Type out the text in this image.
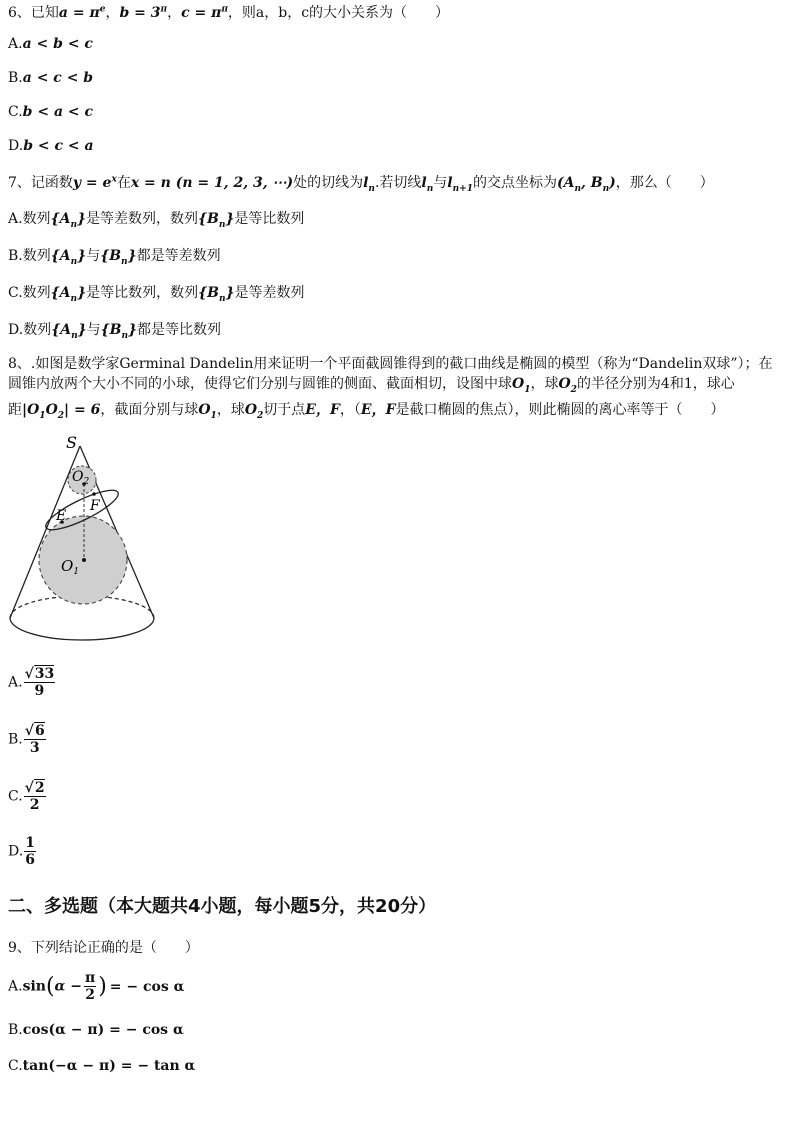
6、已知$a = \pi^e$，$b = 3^\pi$，$c = \pi^\pi$，则a，b，c的大小关系为（　　）
A.a < b < c
B.a < c < b
C.b < a < c
D.b < c < a
7、记函数$y = e^x$在x = n (n = 1, 2, 3, ⋯)处的切线为$l_n$.若切线$l_n$与$l_{n+1}$的交点坐标为($A_n$, $B_n$)，那么（　　）
A.数列$\{A_n\}$是等差数列，数列$\{B_n\}$是等比数列
B.数列$\{A_n\}$与$\{B_n\}$都是等差数列
C.数列$\{A_n\}$是等比数列，数列$\{B_n\}$是等差数列
D.数列$\{A_n\}$与$\{B_n\}$都是等比数列
8、.如图是数学家Germinal Dandelin用来证明一个平面截圆锥得到的截口曲线是椭圆的模型（称为“Dandelin双球”）；在圆锥内放两个大小不同的小球，使得它们分别与圆锥的侧面、截面相切，设图中球$O_1$，球$O_2$的半径分别为4和1，球心距$|O_1O_2| = 6$，截面分别与球$O_1$，球$O_2$切于点E，F，（E，F是截口椭圆的焦点），则此椭圆的离心率等于（　　）
S
$O_2$
F
E
$O_1$
A. $\frac{√33}{9}$
B. $\frac{√6}{3}$
C. $\frac{√2}{2}$
D. $\frac{1}{6}$
二、多选题（本大题共4小题，每小题5分，共20分）
9、下列结论正确的是（　　）
$A.\sin(\alpha - \frac{\pi}{2}$ ) = − cos α
B.cos(α − π) = − cos α
C.tan(−α − π) = − tan α
